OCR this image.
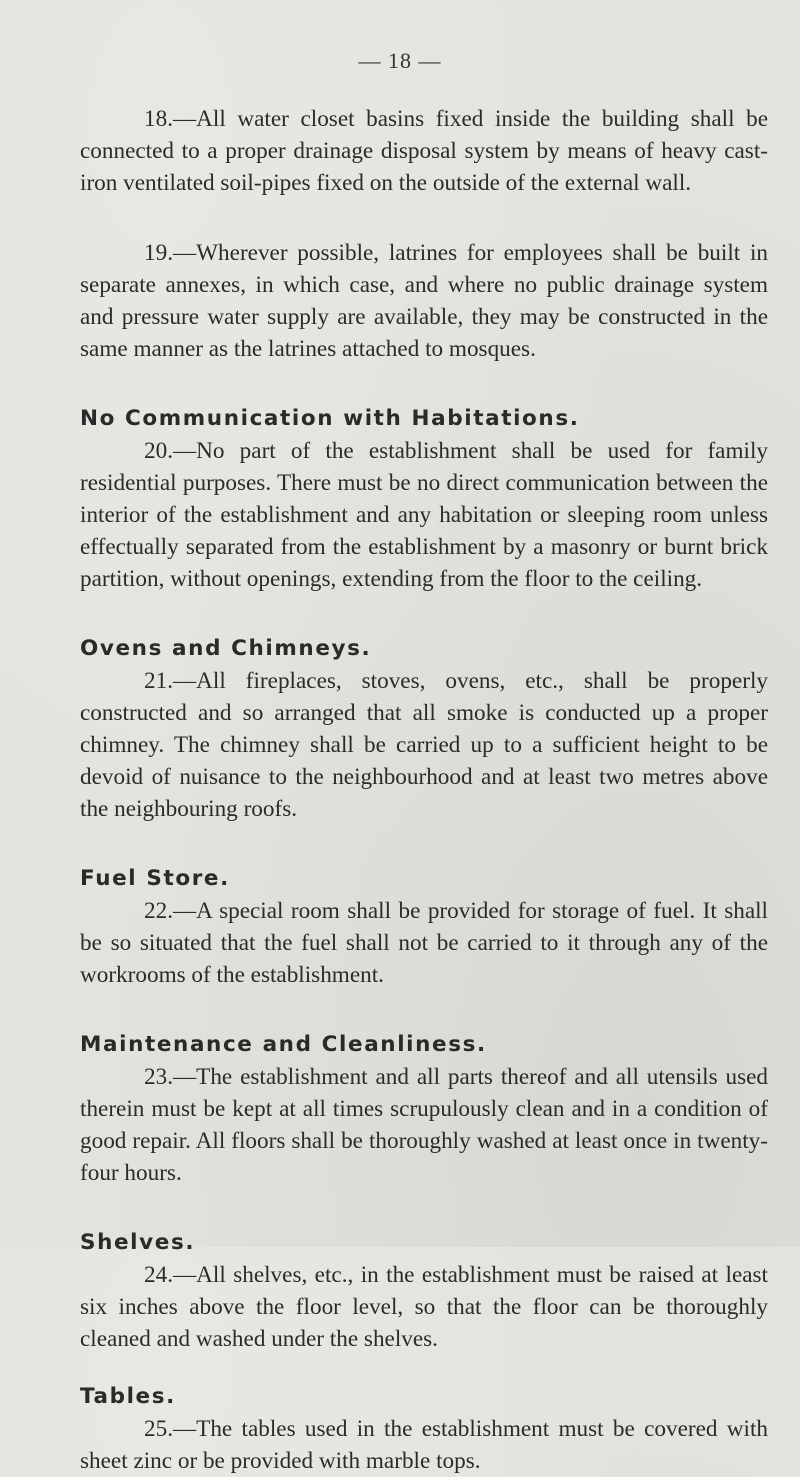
— 18 —

18.—All water closet basins fixed inside the building shall be connected to a proper drainage disposal system by means of heavy cast-iron ventilated soil-pipes fixed on the outside of the external wall.

19.—Wherever possible, latrines for employees shall be built in separate annexes, in which case, and where no public drainage system and pressure water supply are available, they may be constructed in the same manner as the latrines attached to mosques.

No Communication with Habitations.

20.—No part of the establishment shall be used for family residential purposes. There must be no direct communication between the interior of the establishment and any habitation or sleeping room unless effectually separated from the establishment by a masonry or burnt brick partition, without openings, extending from the floor to the ceiling.

Ovens and Chimneys.

21.—All fireplaces, stoves, ovens, etc., shall be properly constructed and so arranged that all smoke is conducted up a proper chimney. The chimney shall be carried up to a sufficient height to be devoid of nuisance to the neighbourhood and at least two metres above the neighbouring roofs.

Fuel Store.

22.—A special room shall be provided for storage of fuel. It shall be so situated that the fuel shall not be carried to it through any of the workrooms of the establishment.

Maintenance and Cleanliness.

23.—The establishment and all parts thereof and all utensils used therein must be kept at all times scrupulously clean and in a condition of good repair. All floors shall be thoroughly washed at least once in twenty-four hours.

Shelves.

24.—All shelves, etc., in the establishment must be raised at least six inches above the floor level, so that the floor can be thoroughly cleaned and washed under the shelves.

Tables.

25.—The tables used in the establishment must be covered with sheet zinc or be provided with marble tops.
